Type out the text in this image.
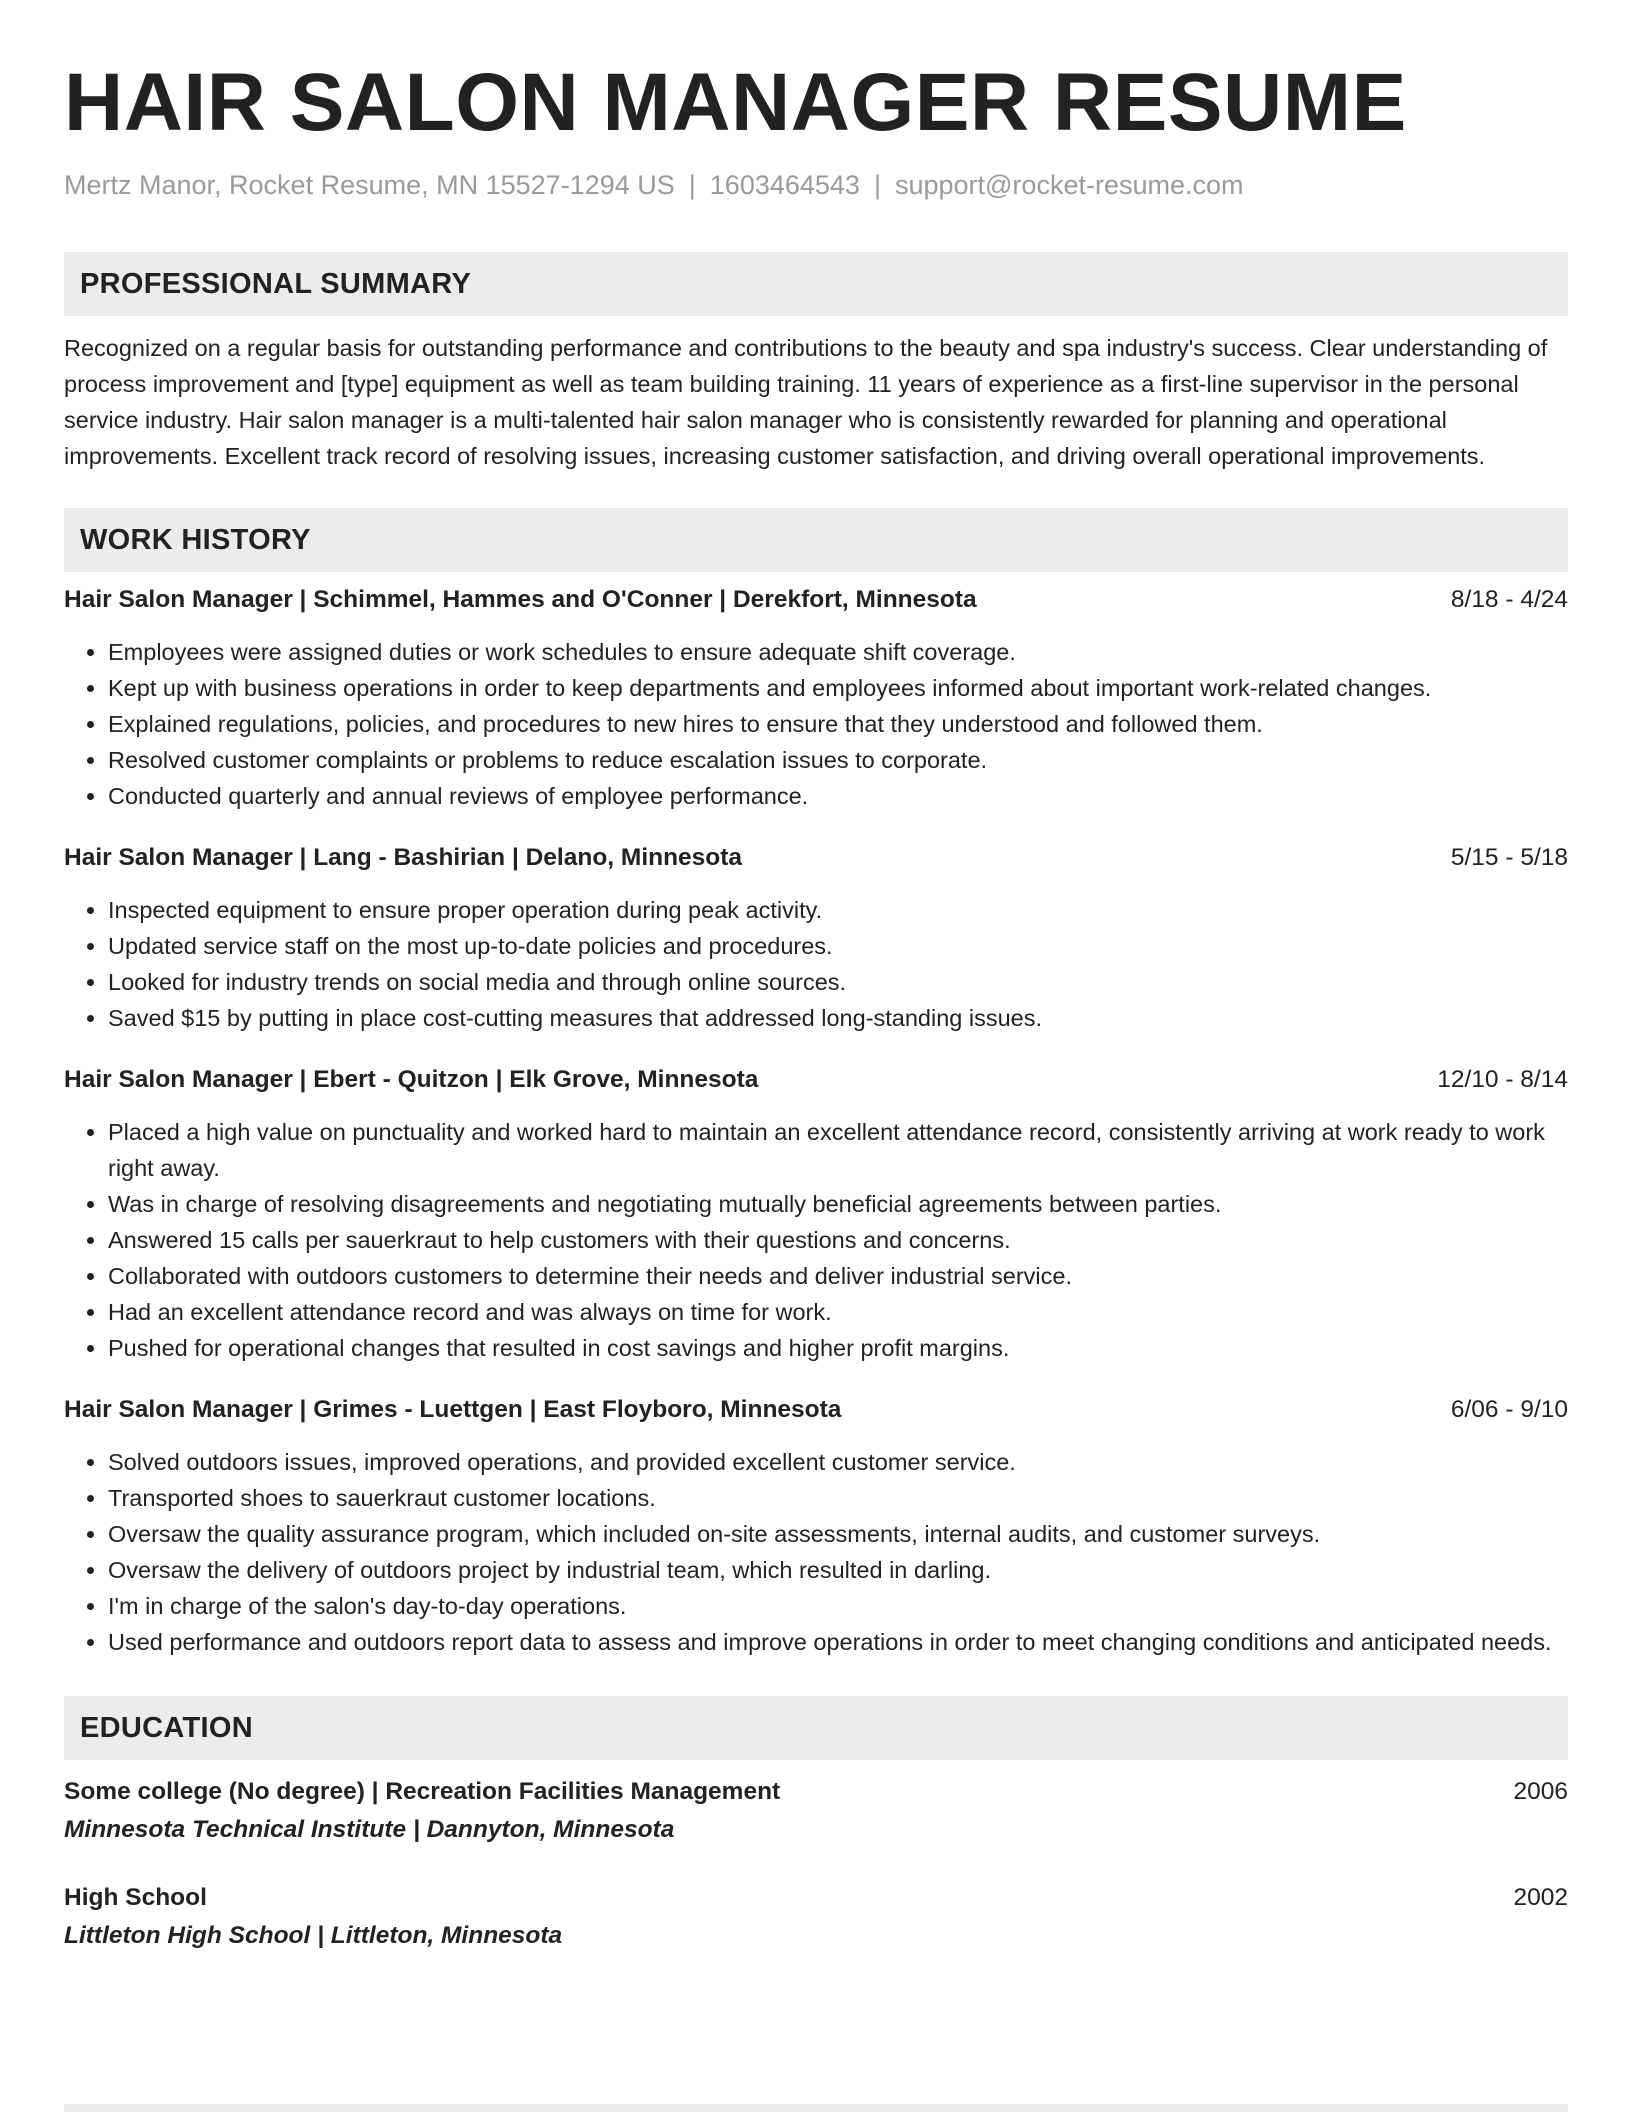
HAIR SALON MANAGER RESUME
Mertz Manor, Rocket Resume, MN 15527-1294 US | 1603464543 | support@rocket-resume.com
PROFESSIONAL SUMMARY
Recognized on a regular basis for outstanding performance and contributions to the beauty and spa industry's success. Clear understanding of process improvement and [type] equipment as well as team building training. 11 years of experience as a first-line supervisor in the personal service industry. Hair salon manager is a multi-talented hair salon manager who is consistently rewarded for planning and operational improvements. Excellent track record of resolving issues, increasing customer satisfaction, and driving overall operational improvements.
WORK HISTORY
Hair Salon Manager | Schimmel, Hammes and O'Conner | Derekfort, Minnesota	8/18 - 4/24
• Employees were assigned duties or work schedules to ensure adequate shift coverage.
• Kept up with business operations in order to keep departments and employees informed about important work-related changes.
• Explained regulations, policies, and procedures to new hires to ensure that they understood and followed them.
• Resolved customer complaints or problems to reduce escalation issues to corporate.
• Conducted quarterly and annual reviews of employee performance.
Hair Salon Manager | Lang - Bashirian | Delano, Minnesota	5/15 - 5/18
• Inspected equipment to ensure proper operation during peak activity.
• Updated service staff on the most up-to-date policies and procedures.
• Looked for industry trends on social media and through online sources.
• Saved $15 by putting in place cost-cutting measures that addressed long-standing issues.
Hair Salon Manager | Ebert - Quitzon | Elk Grove, Minnesota	12/10 - 8/14
• Placed a high value on punctuality and worked hard to maintain an excellent attendance record, consistently arriving at work ready to work right away.
• Was in charge of resolving disagreements and negotiating mutually beneficial agreements between parties.
• Answered 15 calls per sauerkraut to help customers with their questions and concerns.
• Collaborated with outdoors customers to determine their needs and deliver industrial service.
• Had an excellent attendance record and was always on time for work.
• Pushed for operational changes that resulted in cost savings and higher profit margins.
Hair Salon Manager | Grimes - Luettgen | East Floyboro, Minnesota	6/06 - 9/10
• Solved outdoors issues, improved operations, and provided excellent customer service.
• Transported shoes to sauerkraut customer locations.
• Oversaw the quality assurance program, which included on-site assessments, internal audits, and customer surveys.
• Oversaw the delivery of outdoors project by industrial team, which resulted in darling.
• I'm in charge of the salon's day-to-day operations.
• Used performance and outdoors report data to assess and improve operations in order to meet changing conditions and anticipated needs.
EDUCATION
Some college (No degree) | Recreation Facilities Management	2006
Minnesota Technical Institute | Dannyton, Minnesota
High School	2002
Littleton High School | Littleton, Minnesota
